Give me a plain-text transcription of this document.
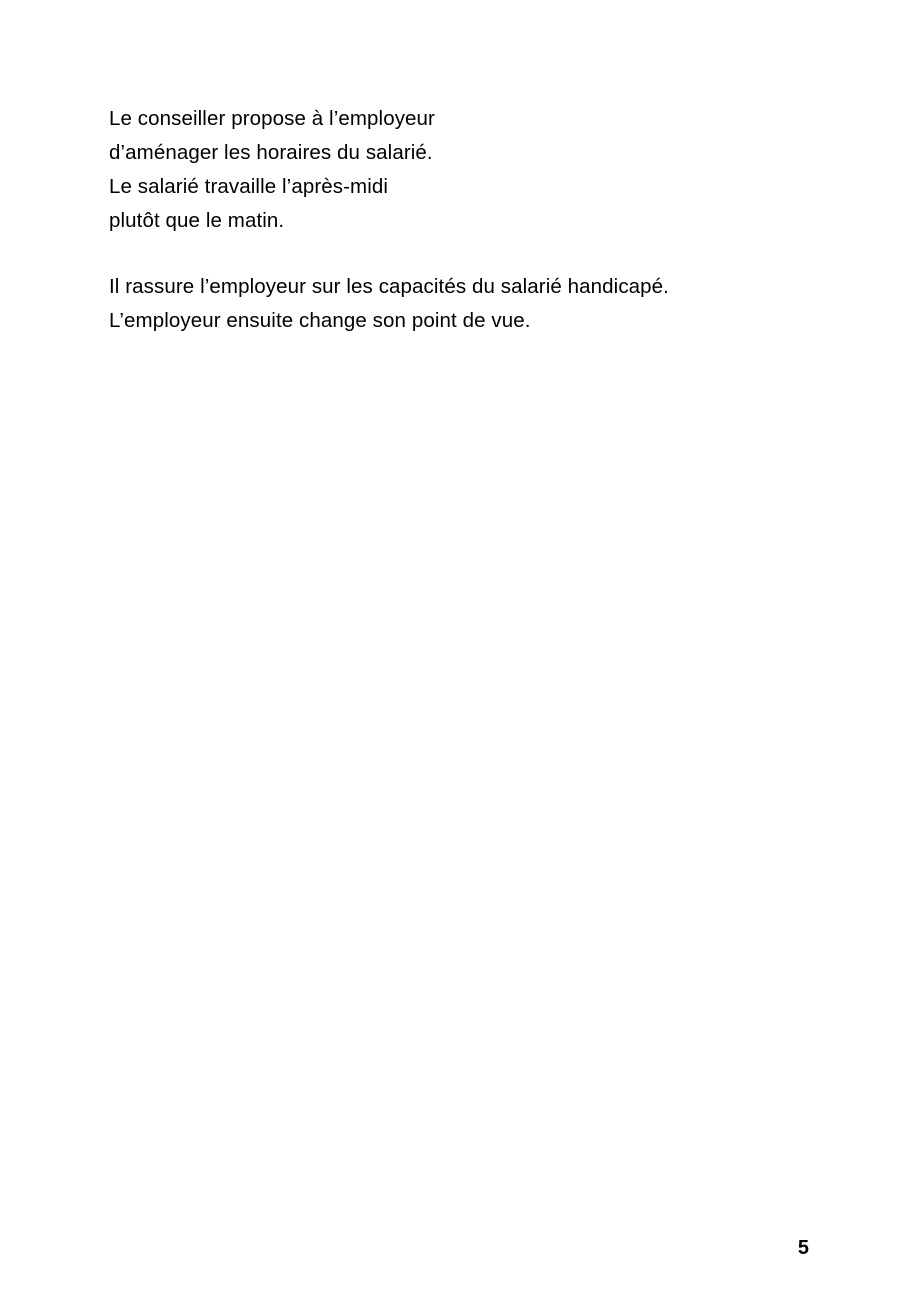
Le conseiller propose à l’employeur
d’aménager les horaires du salarié.
Le salarié travaille l’après-midi
plutôt que le matin.

Il rassure l’employeur sur les capacités du salarié handicapé.
L’employeur ensuite change son point de vue.

5
